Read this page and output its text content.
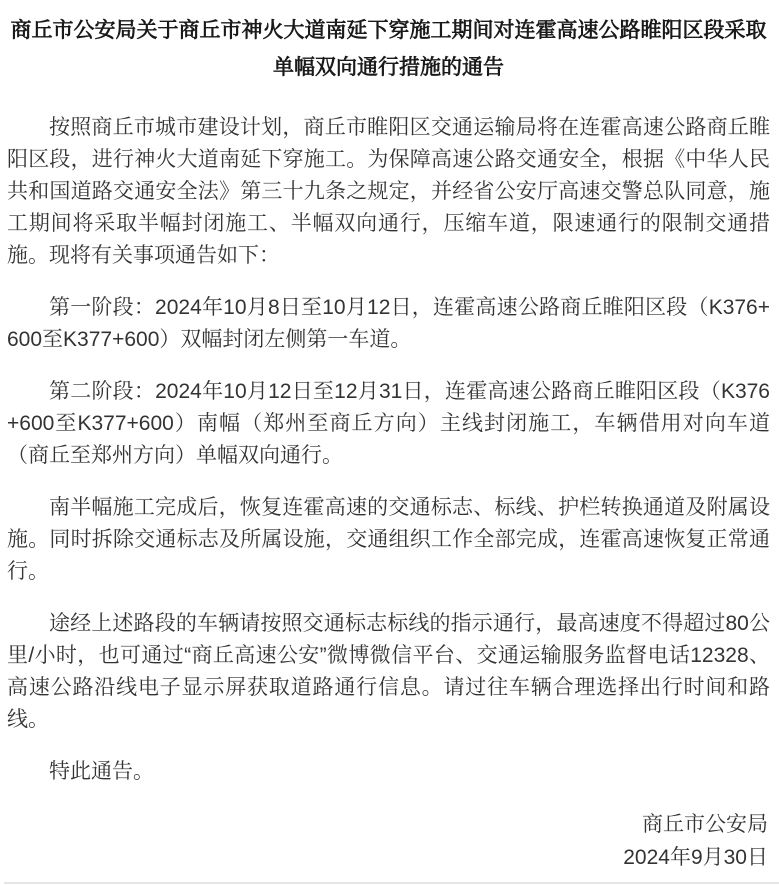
商丘市公安局关于商丘市神火大道南延下穿施工期间对连霍高速公路睢阳区段采取单幅双向通行措施的通告

按照商丘市城市建设计划，商丘市睢阳区交通运输局将在连霍高速公路商丘睢阳区段，进行神火大道南延下穿施工。为保障高速公路交通安全，根据《中华人民共和国道路交通安全法》第三十九条之规定，并经省公安厅高速交警总队同意，施工期间将采取半幅封闭施工、半幅双向通行，压缩车道，限速通行的限制交通措施。现将有关事项通告如下：

第一阶段：2024年10月8日至10月12日，连霍高速公路商丘睢阳区段（K376+600至K377+600）双幅封闭左侧第一车道。

第二阶段：2024年10月12日至12月31日，连霍高速公路商丘睢阳区段（K376+600至K377+600）南幅（郑州至商丘方向）主线封闭施工，车辆借用对向车道（商丘至郑州方向）单幅双向通行。

南半幅施工完成后，恢复连霍高速的交通标志、标线、护栏转换通道及附属设施。同时拆除交通标志及所属设施，交通组织工作全部完成，连霍高速恢复正常通行。

途经上述路段的车辆请按照交通标志标线的指示通行，最高速度不得超过80公里/小时，也可通过“商丘高速公安”微博微信平台、交通运输服务监督电话12328、高速公路沿线电子显示屏获取道路通行信息。请过往车辆合理选择出行时间和路线。

特此通告。

商丘市公安局

2024年9月30日
